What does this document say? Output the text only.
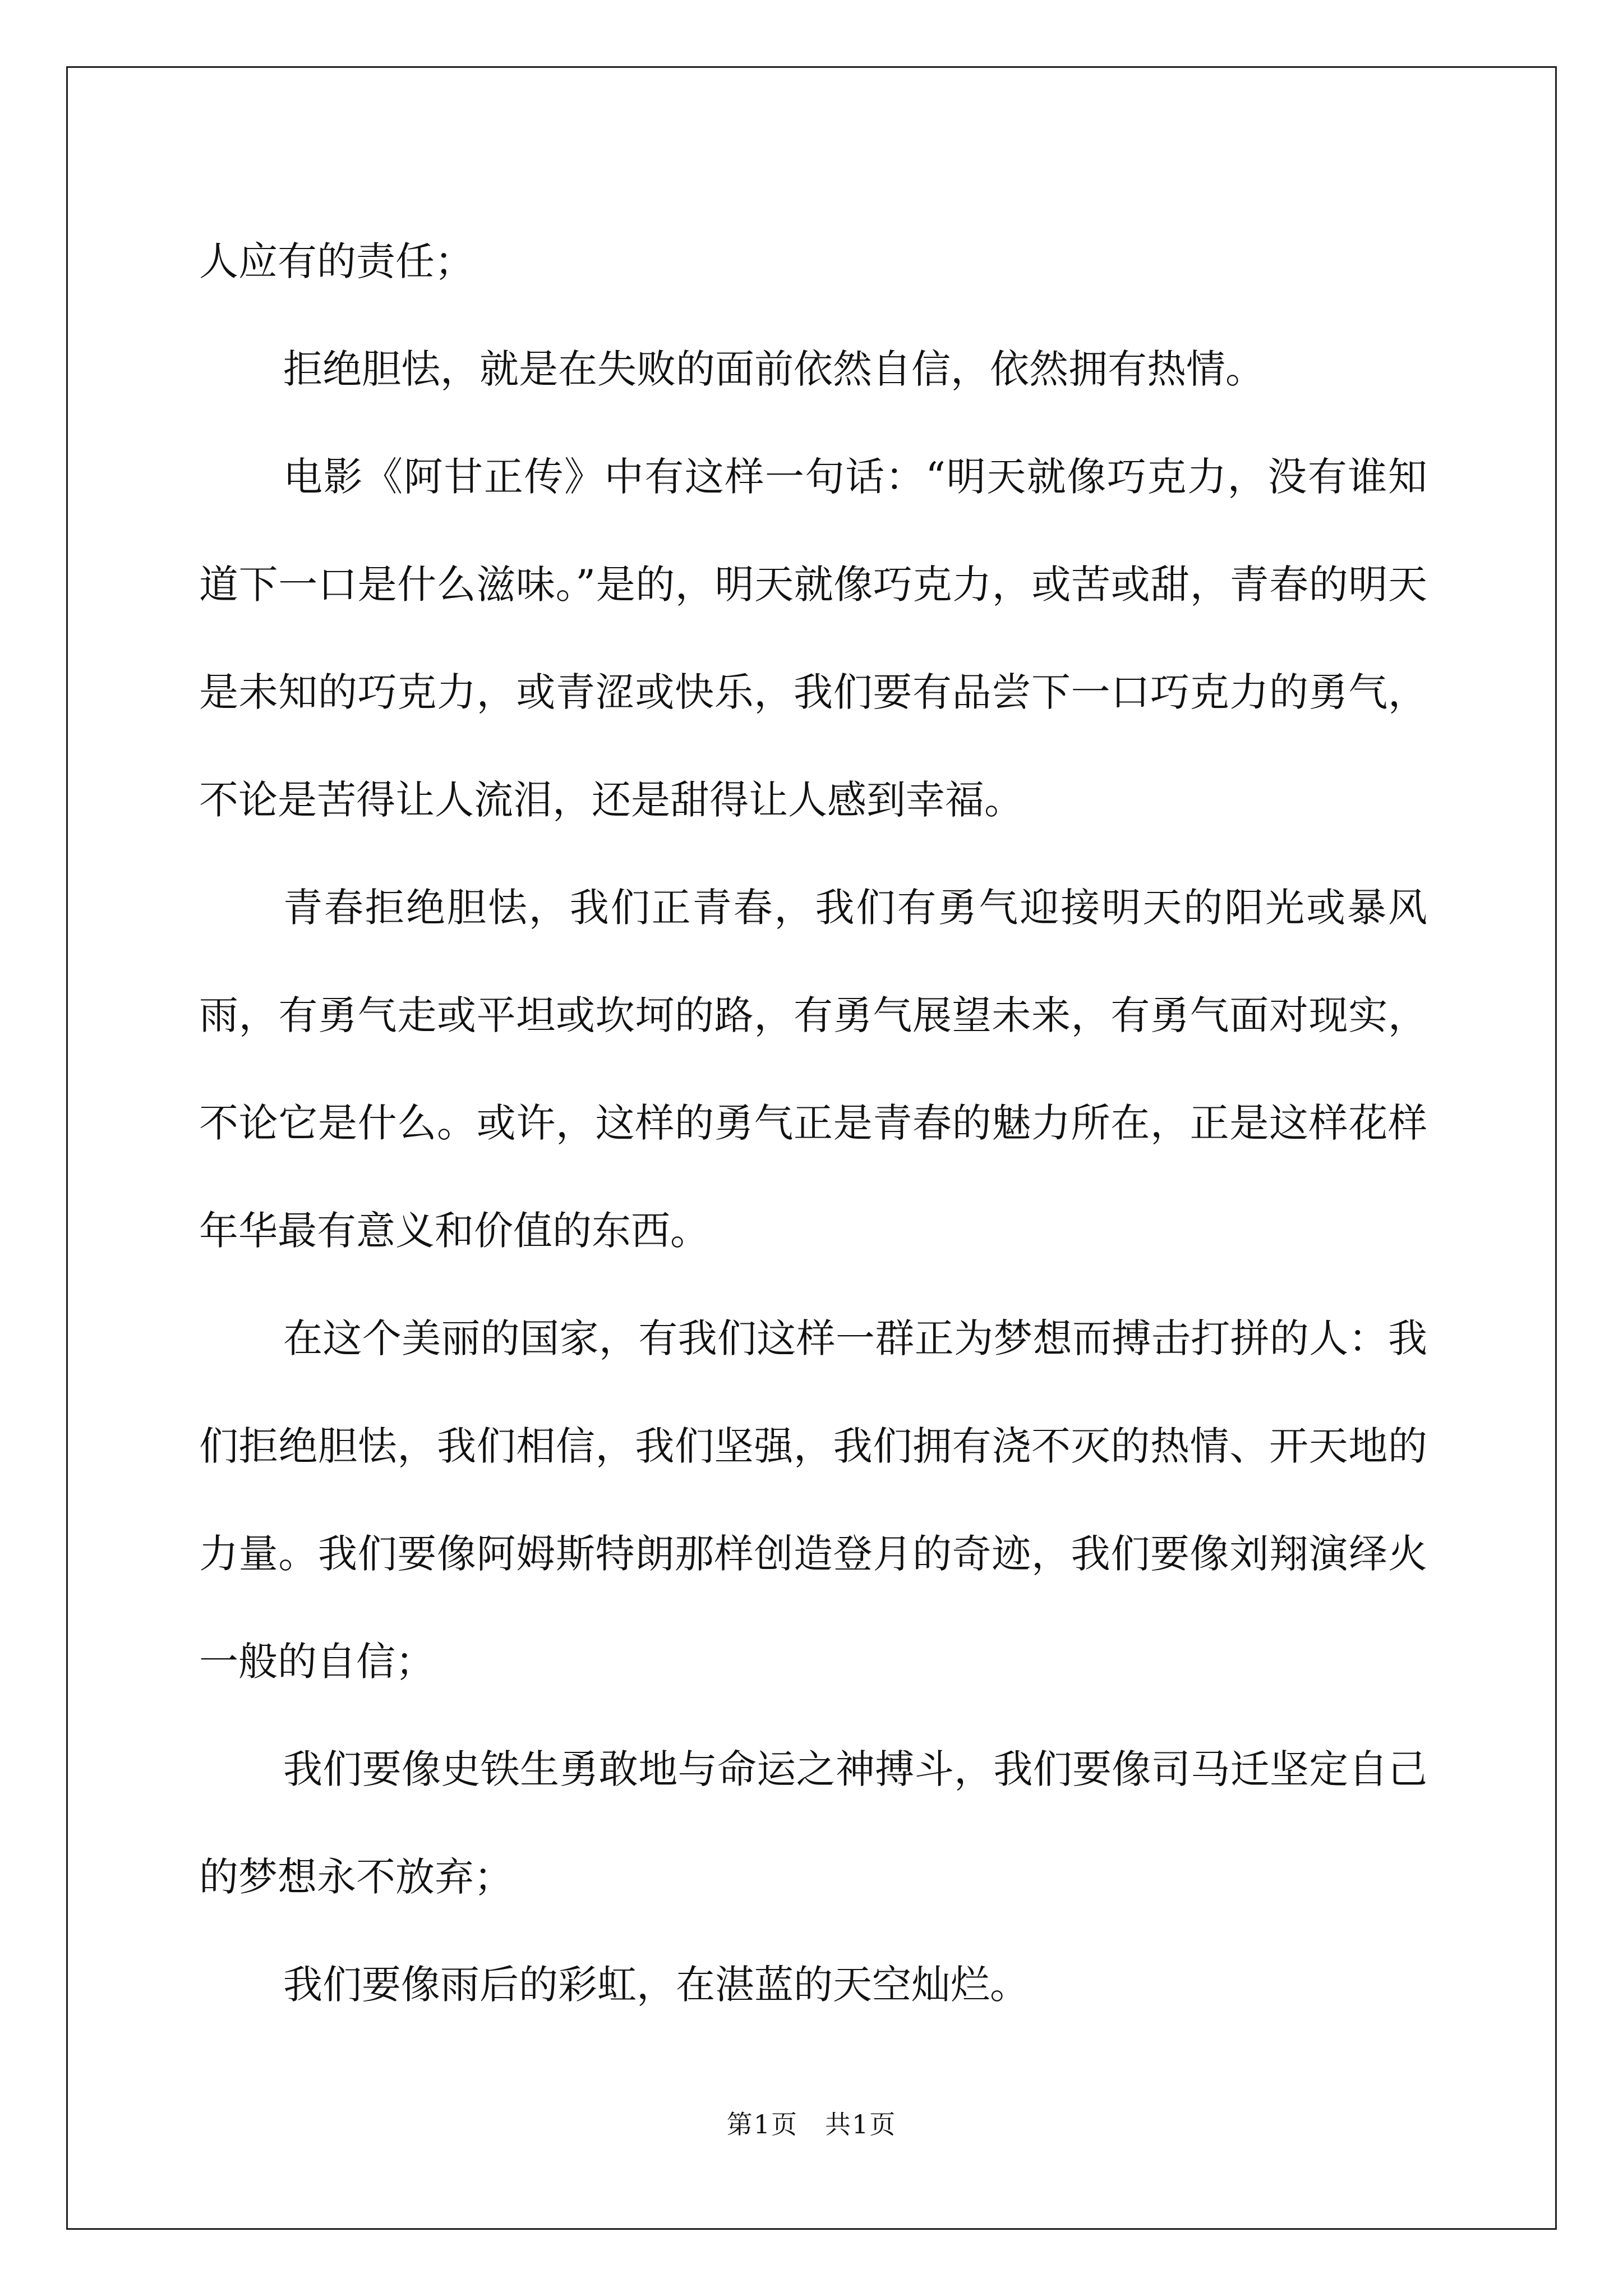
人应有的责任；

拒绝胆怯，就是在失败的面前依然自信，依然拥有热情。

电影《阿甘正传》中有这样一句话：“明天就像巧克力，没有谁知道下一口是什么滋味。”是的，明天就像巧克力，或苦或甜，青春的明天是未知的巧克力，或青涩或快乐，我们要有品尝下一口巧克力的勇气，不论是苦得让人流泪，还是甜得让人感到幸福。

青春拒绝胆怯，我们正青春，我们有勇气迎接明天的阳光或暴风雨，有勇气走或平坦或坎坷的路，有勇气展望未来，有勇气面对现实，不论它是什么。或许，这样的勇气正是青春的魅力所在，正是这样花样年华最有意义和价值的东西。

在这个美丽的国家，有我们这样一群正为梦想而搏击打拼的人：我们拒绝胆怯，我们相信，我们坚强，我们拥有浇不灭的热情、开天地的力量。我们要像阿姆斯特朗那样创造登月的奇迹，我们要像刘翔演绎火一般的自信；

我们要像史铁生勇敢地与命运之神搏斗，我们要像司马迁坚定自己的梦想永不放弃；

我们要像雨后的彩虹，在湛蓝的天空灿烂。

第1页　共1页
